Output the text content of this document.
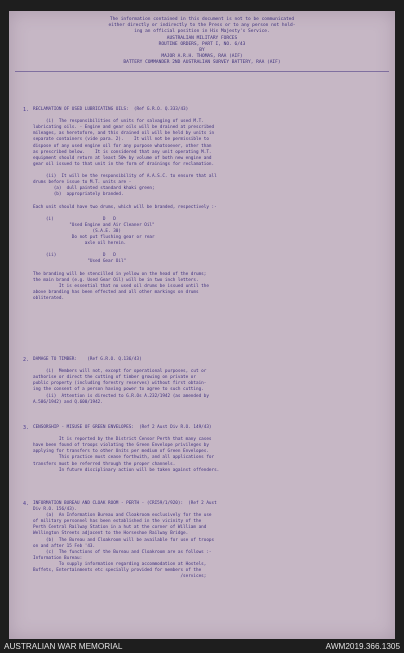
The information contained in this document is not to be communicated
either directly or indirectly to the Press or to any person not hold-
ing an official position in His Majesty's Service.
AUSTRALIAN MILITARY FORCES
ROUTINE ORDERS, PART I, NO. 6/43
BY
MAJOR A.R.H. THOMAS, RAA (AIF)
BATTERY COMMANDER 2ND AUSTRALIAN SURVEY BATTERY, RAA (AIF)
1. RECLAMATION OF USED LUBRICATING OILS:  (Ref G.R.O. Q.333/43)

(i)  The responsibilities of units for salvaging of used M.T.
lubricating oils. - Engine and gear oils will be drained at prescribed
mileages, as heretofore, and this drained oil will be held by units in
separate containers (vide para. 2).    It will not be permissible to
dispose of any used engine oil for any purpose whatsoever, other than
as prescribed below.    It is considered that any unit operating M.T.
equipment should return at least 50% by volume of both new engine and
gear oil issued to that unit in the form of drainings for reclamation.

(ii)  It will be the responsibility of A.A.S.C. to ensure that all
drums before issue to M.T. units are -
(a)  dull painted standard khaki green;
(b)  appropriately branded.

Each unit should have two drums, which will be branded, respectively :-

(i)                   D   D
"Used Engine and Air Cleaner Oil"
(S.A.E. 30)
Do not put flushing gear or rear
axle oil herein.

(ii)                  D   D
"Used Gear Oil"

The branding will be stencilled in yellow on the head of the drums;
the main brand (e.g. Used Gear Oil) will be in two inch letters.
It is essential that no used oil drums be issued until the
above branding has been effected and all other markings on drums
obliterated.

2. DAMAGE TO TIMBER:    (Ref G.R.O. Q.136/43)

(i)  Members will not, except for operational purposes, cut or
authorise or direct the cutting of timber growing on private or
public property (including forestry reserves) without first obtain-
ing the consent of a person having power to agree to such cutting.
(ii)  Attention is directed to G.R.Os A.232/1942 (as amended by
A.586/1942) and Q.600/1942.

3. CENSORSHIP - MISUSE OF GREEN ENVELOPES:  (Ref 2 Aust Div R.O. 149/43)

It is reported by the District Censor Perth that many cases
have been found of troops violating the Green Envelope privileges by
applying for transfers to other Units per medium of Green Envelopes.
This practice must cease forthwith, and all applications for
transfers must be referred through the proper channels.
In future disciplinary action will be taken against offenders.

4. INFORMATION BUREAU AND CLOAK ROOM - PERTH - (CRI59/1/920):  (Ref 2 Aust
Div R.O. 156/43).
(a)  An Information Bureau and Cloakroom exclusively for the use
of military personnel has been established in the vicinity of the
Perth Central Railway Station in a hut at the corner of William and
Wellington Streets adjacent to the Horseshoe Railway Bridge.
(b)  The Bureau and Cloakroom will be available for use of troops
on and after 15 Feb '43.
(c)  The functions of the Bureau and Cloakroom are as follows :-
Information Bureau:
To supply information regarding accommodation at Hostels,
Buffets, Entertainments etc specially provided for members of the
/services;

AUSTRALIAN WAR MEMORIAL	AWM2019.366.1305
